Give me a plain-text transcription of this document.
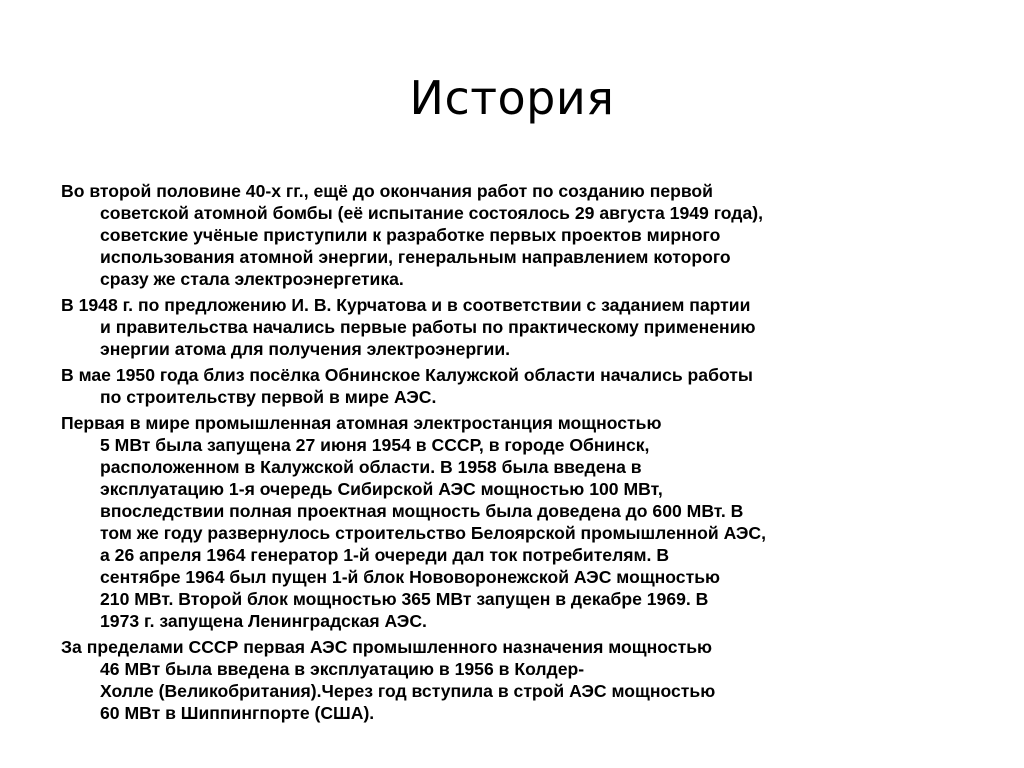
История

Во второй половине 40-х гг., ещё до окончания работ по созданию первой
советской атомной бомбы (её испытание состоялось 29 августа 1949 года),
советские учёные приступили к разработке первых проектов мирного
использования атомной энергии, генеральным направлением которого
сразу же стала электроэнергетика.

В 1948 г. по предложению И. В. Курчатова и в соответствии с заданием партии
и правительства начались первые работы по практическому применению
энергии атома для получения электроэнергии.

В мае 1950 года близ посёлка Обнинское Калужской области начались работы
по строительству первой в мире АЭС.

Первая в мире промышленная атомная электростанция мощностью
5 МВт была запущена 27 июня 1954 в СССР, в городе Обнинск,
расположенном в Калужской области. В 1958 была введена в
эксплуатацию 1-я очередь Сибирской АЭС мощностью 100 МВт,
впоследствии полная проектная мощность была доведена до 600 МВт. В
том же году развернулось строительство Белоярской промышленной АЭС,
а 26 апреля 1964 генератор 1-й очереди дал ток потребителям. В
сентябре 1964 был пущен 1-й блок Нововоронежской АЭС мощностью
210 МВт. Второй блок мощностью 365 МВт запущен в декабре 1969. В
1973 г. запущена Ленинградская АЭС.

За пределами СССР первая АЭС промышленного назначения мощностью
46 МВт была введена в эксплуатацию в 1956 в Колдер-
Холле (Великобритания).Через год вступила в строй АЭС мощностью
60 МВт в Шиппингпорте (США).
